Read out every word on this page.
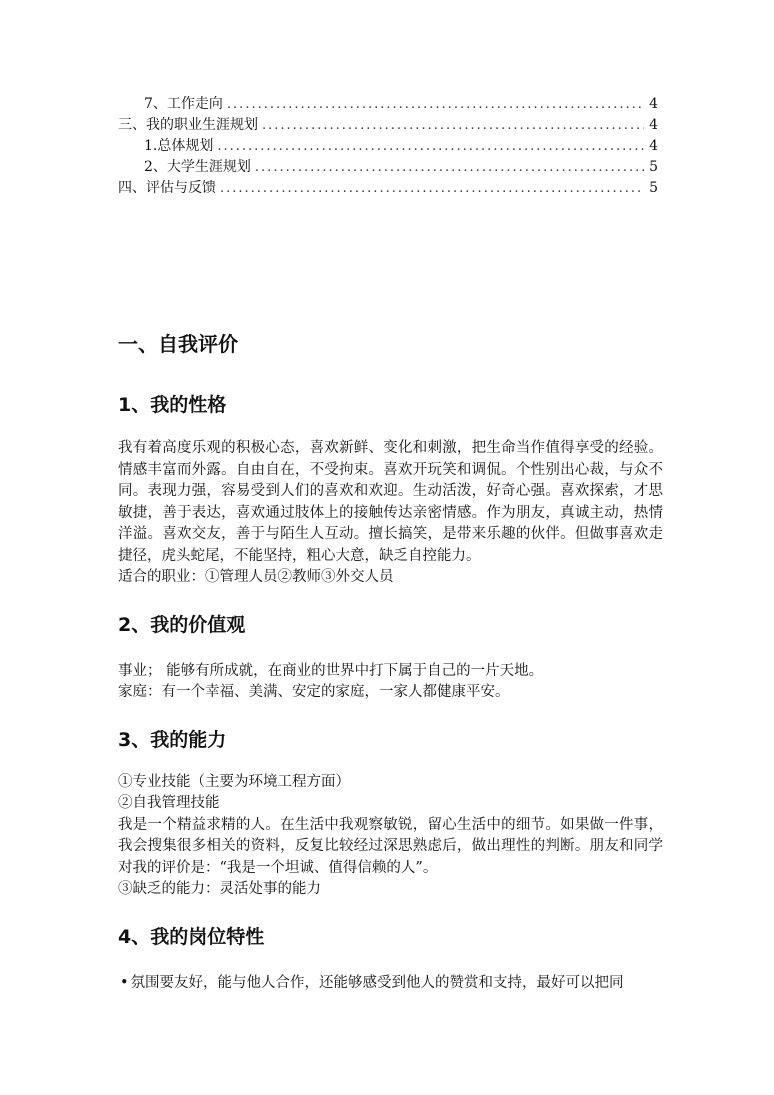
7、工作走向 .....	4
三、我的职业生涯规划 .....	4
1.总体规划 .....	4
2、大学生涯规划 .....	5
四、评估与反馈 .....	5
一、自我评价
1、我的性格

我有着高度乐观的积极心态，喜欢新鲜、变化和刺激，把生命当作值得享受的经验。情感丰富而外露。自由自在，不受拘束。喜欢开玩笑和调侃。个性别出心裁，与众不同。表现力强，容易受到人们的喜欢和欢迎。生动活泼，好奇心强。喜欢探索，才思敏捷，善于表达，喜欢通过肢体上的接触传达亲密情感。作为朋友，真诚主动，热情洋溢。喜欢交友，善于与陌生人互动。擅长搞笑，是带来乐趣的伙伴。但做事喜欢走捷径，虎头蛇尾，不能坚持，粗心大意，缺乏自控能力。

适合的职业：①管理人员②教师③外交人员

2、我的价值观

事业； 能够有所成就，在商业的世界中打下属于自己的一片天地。

家庭：有一个幸福、美满、安定的家庭，一家人都健康平安。

3、我的能力

①专业技能（主要为环境工程方面）

②自我管理技能

我是一个精益求精的人。在生活中我观察敏锐，留心生活中的细节。如果做一件事，我会搜集很多相关的资料，反复比较经过深思熟虑后，做出理性的判断。朋友和同学对我的评价是：“我是一个坦诚、值得信赖的人”。

③缺乏的能力：灵活处事的能力

4、我的岗位特性

• 氛围要友好，能与他人合作，还能够感受到他人的赞赏和支持，最好可以把同
